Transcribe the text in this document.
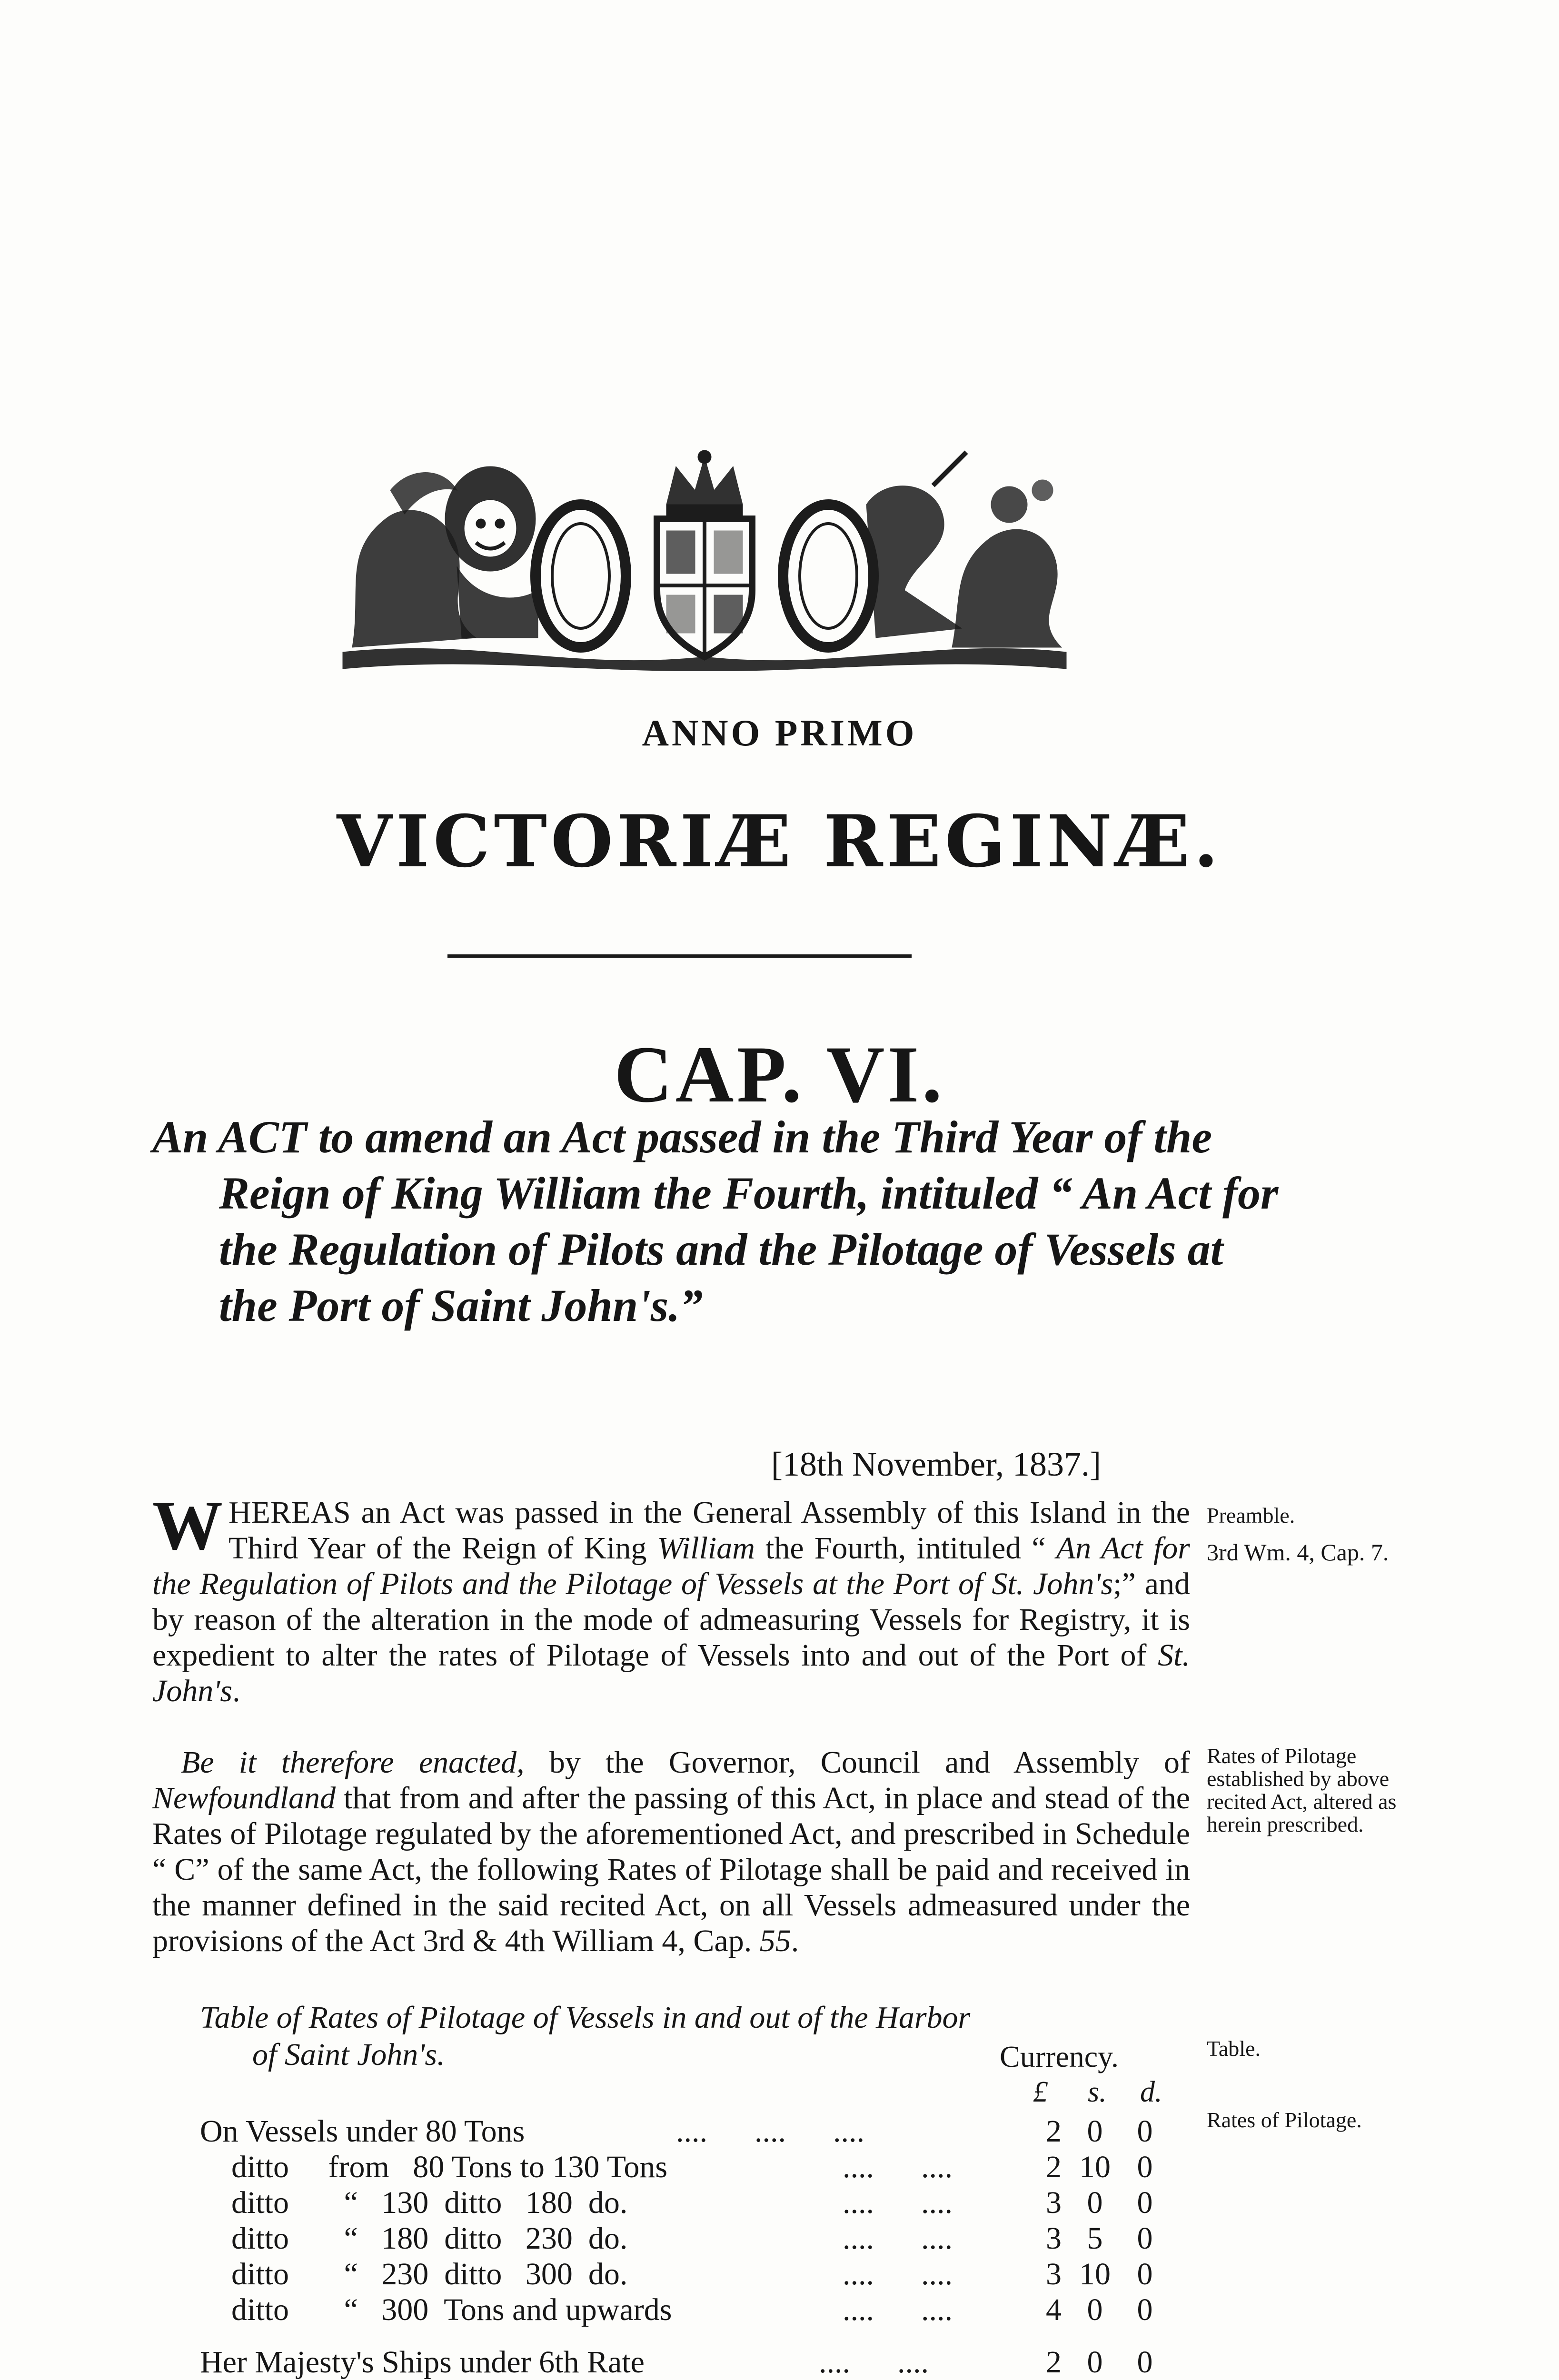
ANNO PRIMO
VICTORIÆ REGINÆ.
CAP. VI.
An ACT to amend an Act passed in the Third Year of the Reign of King William the Fourth, intituled “ An Act for the Regulation of Pilots and the Pilotage of Vessels at the Port of Saint John's.”
[18th November, 1837.]
WHEREAS an Act was passed in the General Assembly of this Island in the Third Year of the Reign of King William the Fourth, intituled “ An Act for the Regulation of Pilots and the Pilotage of Vessels at the Port of St. John's;” and by reason of the alteration in the mode of admeasuring Vessels for Registry, it is expedient to alter the rates of Pilotage of Vessels into and out of the Port of St. John's.
Be it therefore enacted, by the Governor, Council and Assembly of Newfoundland that from and after the passing of this Act, in place and stead of the Rates of Pilotage regulated by the aforementioned Act, and prescribed in Schedule “ C” of the same Act, the following Rates of Pilotage shall be paid and received in the manner defined in the said recited Act, on all Vessels admeasured under the provisions of the Act 3rd & 4th William 4, Cap. 55.
Preamble.
3rd Wm. 4, Cap. 7.
Rates of Pilotage established by above recited Act, altered as herein prescribed.
Table.
Rates of Pilotage.
Table of Rates of Pilotage of Vessels in and out of the Harbor
of Saint John's.	Currency.
£ s. d.
On Vessels under 80 Tons	....      ....      ....	2 0	0
ditto     from   80 Tons to 130 Tons	....      ....	2 10 0
ditto       “   130  ditto   180  do.	....      ....	3 0	0
ditto       “   180  ditto   230  do.	....      ....	3 5	0
ditto       “   230  ditto   300  do.	....      ....	3 10 0
ditto       “   300  Tons and upwards	....      ....	4 0	0
Her Majesty's Ships under 6th Rate	....      ....	2 0	0
